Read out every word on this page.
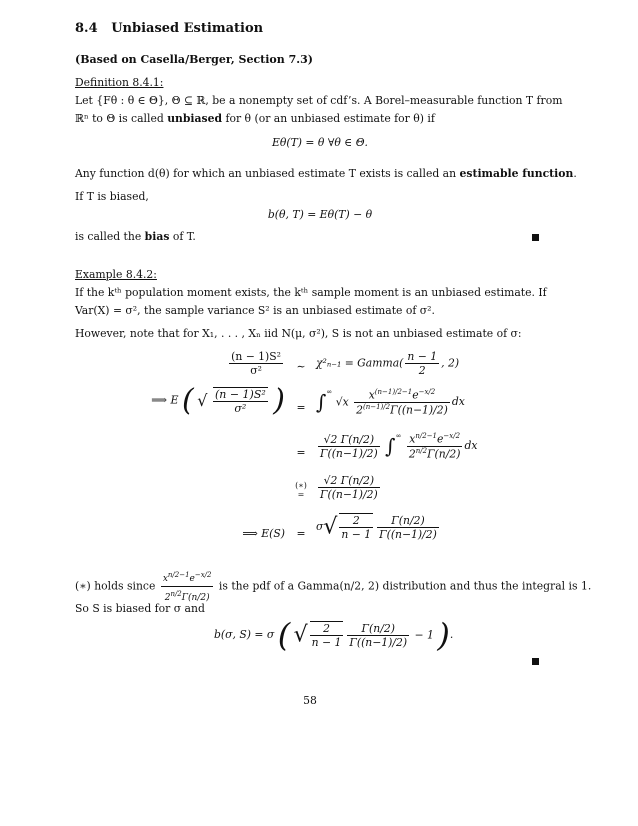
8.4 Unbiased Estimation
(Based on Casella/Berger, Section 7.3)
Definition 8.4.1:
Let {Fθ : θ ∈ Θ}, Θ ⊆ ℝ, be a nonempty set of cdf’s. A Borel–measurable function T from
ℝⁿ to Θ is called unbiased for θ (or an unbiased estimate for θ) if
Eθ(T) = θ ∀θ ∈ Θ.
Any function d(θ) for which an unbiased estimate T exists is called an estimable function.
If T is biased,
b(θ, T) = Eθ(T) − θ
is called the bias of T.
Example 8.4.2:
If the kᵗʰ population moment exists, the kᵗʰ sample moment is an unbiased estimate. If
Var(X) = σ², the sample variance S² is an unbiased estimate of σ².
However, note that for X₁, . . . , Xₙ iid N(μ, σ²), S is not an unbiased estimate of σ:
$\frac{\text{(n − 1)S²}}{\text{σ²}}$	∼ χ²ₙ₋₁ = Gamma( $\frac{n - 1}{2}$ , 2)
⟹ E ( √ $\frac{\text{(n − 1)S²}}{\text{σ²}}$ )	= ∫∞ $√x \frac{x^{(n-1)/2-1}e^{-x/2}}{2^{(n-1)/2}\Gamma((n-1)/2)}$ dx
=	$\frac{√2 \Gamma(n/2)}{\Gamma((n-1)/2)} \int^\infty \frac{x^{n/2-1}e^{-x/2}}{2^{n/2}\Gamma(n/2)}$ dx
(∗)
=	$\frac{√2 \Gamma(n/2)}{\Gamma((n-1)/2)}$
⟹ E(S)	=
$\sigma√ \frac{2}{n - 1} \frac{\Gamma(n/2)}{\Gamma((n-1)/2)}$
(∗) holds since $\frac{x^{n/2-1}e^{-x/2}}{2^{n/2}\Gamma(n/2)}$ is the pdf of a Gamma(n/2, 2) distribution and thus the integral is 1.
So S is biased for σ and
b(σ, S) = σ ( √ $\frac{2}{n - 1} \frac{\Gamma(n/2)}{\Gamma((n-1)/2)} - 1$ ).
58
